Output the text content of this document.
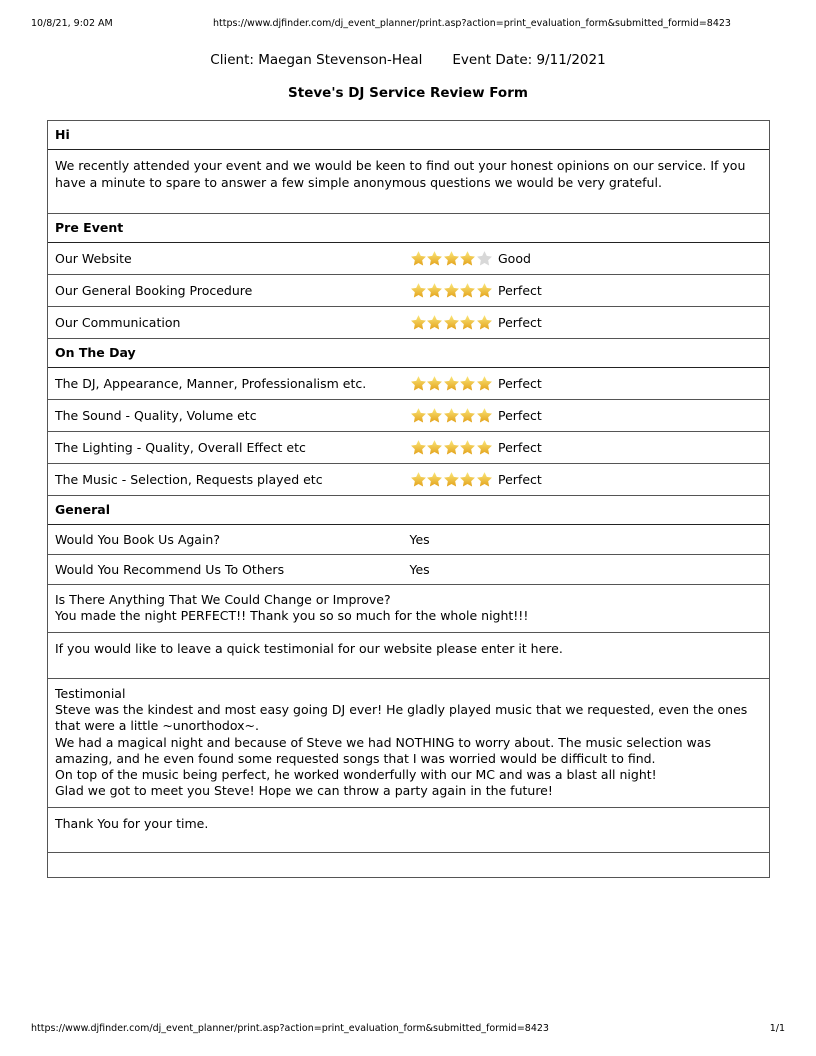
10/8/21, 9:02 AM	https://www.djfinder.com/dj_event_planner/print.asp?action=print_evaluation_form&submitted_formid=8423
Client: Maegan Stevenson-Heal       Event Date: 9/11/2021
Steve's DJ Service Review Form
Hi	

We recently attended your event and we would be keen to find out your honest opinions on our service. If you have a minute to spare to answer a few simple anonymous questions we would be very grateful.	

Pre Event	

Our Website	Good

Our General Booking Procedure	Perfect

Our Communication	Perfect

On The Day	

The DJ, Appearance, Manner, Professionalism etc.	Perfect

The Sound - Quality, Volume etc	Perfect

The Lighting - Quality, Overall Effect etc	Perfect

The Music - Selection, Requests played etc	Perfect

General	

Would You Book Us Again?	Yes

Would You Recommend Us To Others	Yes

Is There Anything That We Could Change or Improve?
You made the night PERFECT!! Thank you so so much for the whole night!!!	

If you would like to leave a quick testimonial for our website please enter it here.	

Testimonial
Steve was the kindest and most easy going DJ ever! He gladly played music that we requested, even the ones that were a little ~unorthodox~.
We had a magical night and because of Steve we had NOTHING to worry about. The music selection was amazing, and he even found some requested songs that I was worried would be difficult to find.
On top of the music being perfect, he worked wonderfully with our MC and was a blast all night!
Glad we got to meet you Steve! Hope we can throw a party again in the future!	

Thank You for your time.	

https://www.djfinder.com/dj_event_planner/print.asp?action=print_evaluation_form&submitted_formid=8423	1/1
